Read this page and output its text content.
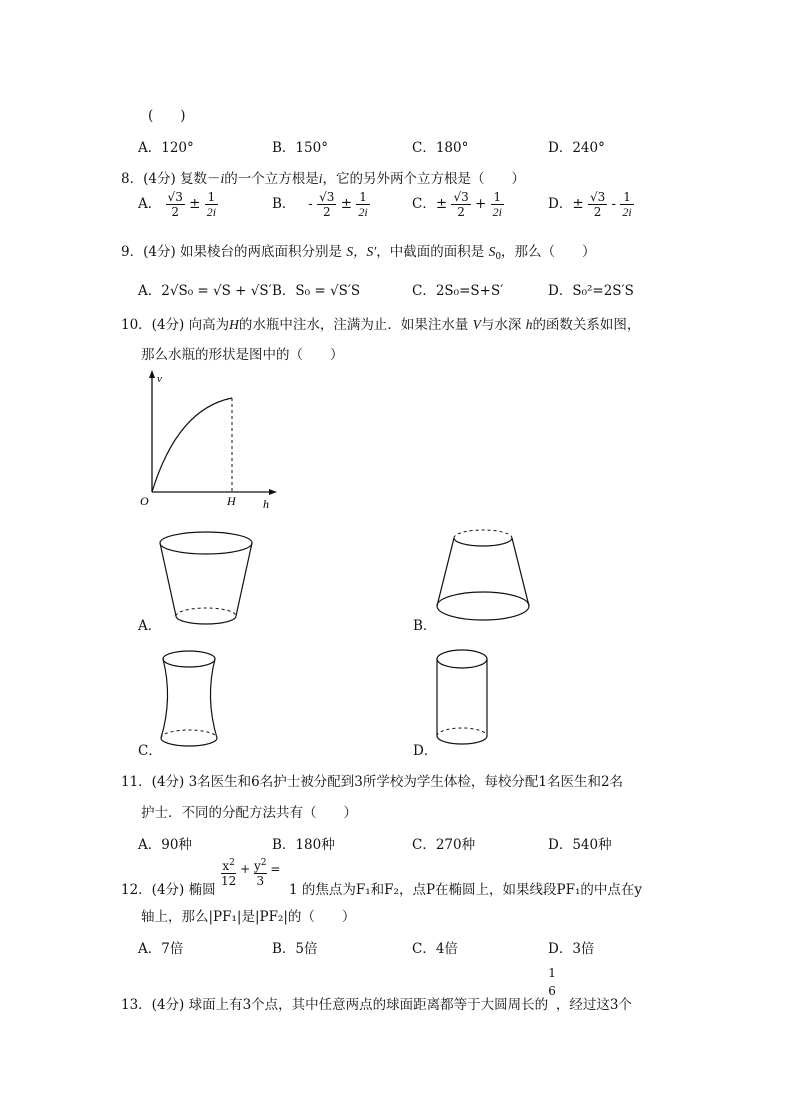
(　　)
A．120°	B．150°	C．180°	D．240°
8．(4分) 复数－i的一个立方根是i，它的另外两个立方根是（　　）
A． $\frac{√3}{2} \pm \frac{1}{2i}$	B． - $\frac{√3}{2} \pm \frac{1}{2i}$	C．± $\frac{√3}{2} + \frac{1}{2i}$	D．± $\frac{√3}{2} - \frac{1}{2i}$
9．(4分) 如果棱台的两底面积分别是 S，S′，中截面的面积是 $S_0$，那么（　　）
A．2√S₀ = √S + √S′ B．S₀ = √S′S	C．2S₀=S+S′	D．S₀²=2S′S
10．(4分) 向高为H的水瓶中注水，注满为止．如果注水量 V与水深 h的函数关系如图，
那么水瓶的形状是图中的（　　）
v
O	H h
A．	B．
C．	D．
11．(4分) 3名医生和6名护士被分配到3所学校为学生体检，每校分配1名医生和2名
护士．不同的分配方法共有（　　）
A．90种	B．180种	C．270种	D．540种
12．(4分) 椭圆
$\frac{x^2}{12} + \frac{y^2}{3}$ =
1 的焦点为F₁和F₂，点P在椭圆上，如果线段PF₁的中点在y
轴上，那么|PF₁|是|PF₂|的（　　）
A．7倍	B．5倍	C．4倍	D．3倍
13．(4分) 球面上有3个点，其中任意两点的球面距离都等于大圆周长的
1
6
，经过这3个
